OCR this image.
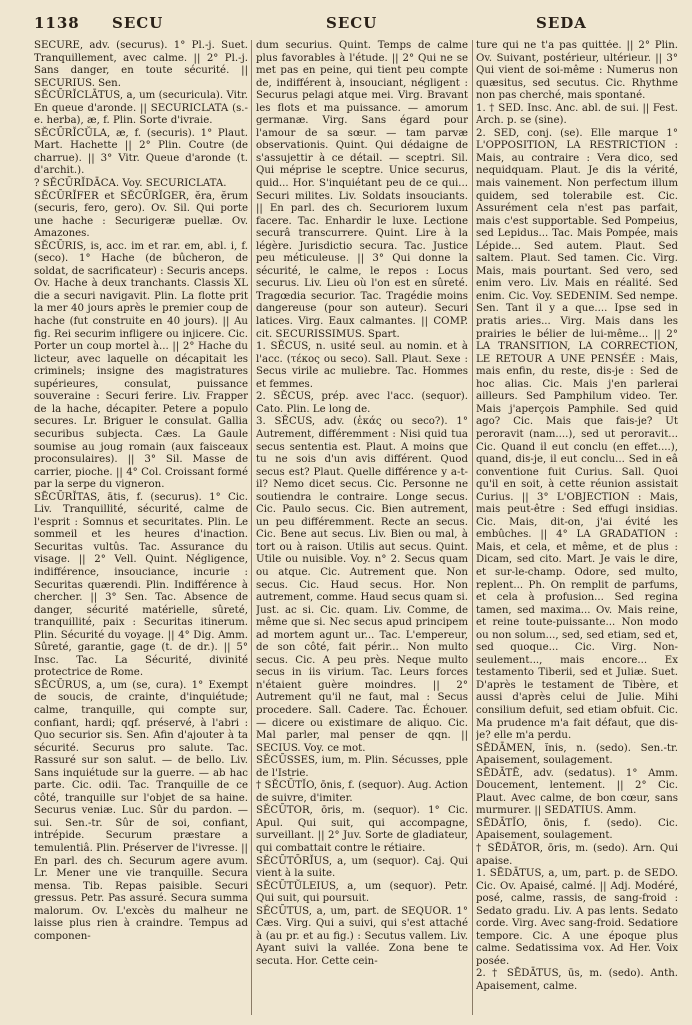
1138 SECU	SECU	SEDA

SĒCŪRĒ, adv. (securus). 1° Pl.-j. Suet. Tranquillement, avec calme. || 2° Pl.-j. Sans danger, en toute sécurité. || SECURIUS. Sen.

SĔCŪRĬCLĀTUS, a, um (securicula). Vitr. En queue d'aronde. || SECURICLATA (s.-e. herba), æ, f. Plin. Sorte d'ivraie.

SĔCŪRĬCŬLA, æ, f. (securis). 1° Plaut. Mart. Hachette || 2° Plin. Coutre (de charrue). || 3° Vitr. Queue d'aronde (t. d'archit.).

? SĔCŪRĬDĀCA. Voy. SECURICLATA.

SĔCŪRĬFER et SĔCŪRĬGER, ĕra, ĕrum (securis, fero, gero). Ov. Sil. Qui porte une hache : Securigeræ puellæ. Ov. Amazones.

SĔCŪRIS, is, acc. im et rar. em, abl. i, f. (seco). 1° Hache (de bûcheron, de soldat, de sacrificateur) : Securis anceps. Ov. Hache à deux tranchants. Classis XL die a securi navigavit. Plin. La flotte prit la mer 40 jours après le premier coup de hache (fut construite en 40 jours). || Au fig. Rei securim infligere ou injicere. Cic. Porter un coup mortel à... || 2° Hache du licteur, avec laquelle on décapitait les criminels; insigne des magistratures supérieures, consulat, puissance souveraine : Securi ferire. Liv. Frapper de la hache, décapiter. Petere a populo secures. Lr. Briguer le consulat. Gallia securibus subjecta. Cæs. La Gaule soumise au joug romain (aux faisceaux proconsulaires). || 3° Sil. Masse de carrier, pioche. || 4° Col. Croissant formé par la serpe du vigneron.

SĒCŪRĬTAS, ātis, f. (securus). 1° Cic. Liv. Tranquillité, sécurité, calme de l'esprit : Somnus et securitates. Plin. Le sommeil et les heures d'inaction. Securitas vultûs. Tac. Assurance du visage. || 2° Vell. Quint. Négligence, indifférence, insouciance, incurie : Securitas quærendi. Plin. Indifférence à chercher. || 3° Sen. Tac. Absence de danger, sécurité matérielle, sûreté, tranquillité, paix : Securitas itinerum. Plin. Sécurité du voyage. || 4° Dig. Amm. Sûreté, garantie, gage (t. de dr.). || 5° Insc. Tac. La Sécurité, divinité protectrice de Rome.

SĒCŪRUS, a, um (se, cura). 1° Exempt de soucis, de crainte, d'inquiétude; calme, tranquille, qui compte sur, confiant, hardi; qqf. préservé, à l'abri : Quo securior sis. Sen. Afin d'ajouter à ta sécurité. Securus pro salute. Tac. Rassuré sur son salut. — de bello. Liv. Sans inquiétude sur la guerre. — ab hac parte. Cic. odii. Tac. Tranquille de ce côté, tranquille sur l'objet de sa haine. Securus veniæ. Luc. Sûr du pardon. — sui. Sen.-tr. Sûr de soi, confiant, intrépide. Securum præstare a temulentiâ. Plin. Préserver de l'ivresse. || En parl. des ch. Securum agere avum. Lr. Mener une vie tranquille. Secura mensa. Tib. Repas paisible. Securi gressus. Petr. Pas assuré. Secura summa malorum. Ov. L'excès du malheur ne laisse plus rien à craindre. Tempus ad componen-

dum securius. Quint. Temps de calme plus favorables à l'étude. || 2° Qui ne se met pas en peine, qui tient peu compte de, indifférent à, insouciant, négligent : Securus pelagi atque mei. Virg. Bravant les flots et ma puissance. — amorum germanæ. Virg. Sans égard pour l'amour de sa sœur. — tam parvæ observationis. Quint. Qui dédaigne de s'assujettir à ce détail. — sceptri. Sil. Qui méprise le sceptre. Unice securus, quid... Hor. S'inquiétant peu de ce qui... Securi milites. Liv. Soldats insouciants. || En parl. des ch. Securiorem luxum facere. Tac. Enhardir le luxe. Lectione securâ transcurrere. Quint. Lire à la légère. Jurisdictio secura. Tac. Justice peu méticuleuse. || 3° Qui donne la sécurité, le calme, le repos : Locus securus. Liv. Lieu où l'on est en sûreté. Tragœdia securior. Tac. Tragédie moins dangereuse (pour son auteur). Securi latices. Virg. Eaux calmantes. || COMP. cit. SECURISSIMUS. Spart.

1. SĔCUS, n. usité seul. au nomin. et à l'acc. (τέκος ou seco). Sall. Plaut. Sexe : Secus virile ac muliebre. Tac. Hommes et femmes.

2. SĔCUS, prép. avec l'acc. (sequor). Cato. Plin. Le long de.

3. SĔCUS, adv. (ἑκάς ou seco?). 1° Autrement, différemment : Nisi quid tua secus sententia est. Plaut. A moins que tu ne sois d'un avis différent. Quod secus est? Plaut. Quelle différence y a-t-il? Nemo dicet secus. Cic. Personne ne soutiendra le contraire. Longe secus. Cic. Paulo secus. Cic. Bien autrement, un peu différemment. Recte an secus. Cic. Bene aut secus. Liv. Bien ou mal, à tort ou à raison. Utilis aut secus. Quint. Utile ou nuisible. Voy. n° 2. Secus quam ou atque. Cic. Autrement que. Non secus. Cic. Haud secus. Hor. Non autrement, comme. Haud secus quam si. Just. ac si. Cic. quam. Liv. Comme, de même que si. Nec secus apud principem ad mortem agunt ur... Tac. L'empereur, de son côté, fait périr... Non multo secus. Cic. A peu près. Neque multo secus in iis virium. Tac. Leurs forces n'étaient guère moindres. || 2° Autrement qu'il ne faut, mal : Secus procedere. Sall. Cadere. Tac. Échouer. — dicere ou existimare de aliquo. Cic. Mal parler, mal penser de qqn. || SECIUS. Voy. ce mot.

SĔCŪSSES, ium, m. Plin. Sécusses, pple de l'Istrie.

† SĔCŪTĬO, ōnis, f. (sequor). Aug. Action de suivre, d'imiter.

SĔCŪTOR, ōris, m. (sequor). 1° Cic. Apul. Qui suit, qui accompagne, surveillant. || 2° Juv. Sorte de gladiateur, qui combattait contre le rétiaire.

SĔCŪTŌRĬUS, a, um (sequor). Caj. Qui vient à la suite.

SĔCŪTŬLEIUS, a, um (sequor). Petr. Qui suit, qui poursuit.

SĔCŪTUS, a, um, part. de SEQUOR. 1° Cæs. Virg. Qui a suivi, qui s'est attaché à (au pr. et au fig.) : Secutus vallem. Liv. Ayant suivi la vallée. Zona bene te secuta. Hor. Cette cein-

ture qui ne t'a pas quittée. || 2° Plin. Ov. Suivant, postérieur, ultérieur. || 3° Qui vient de soi-même : Numerus non quæsitus, sed secutus. Cic. Rhythme non pas cherché, mais spontané.

1. † SED. Insc. Anc. abl. de sui. || Fest. Arch. p. se (sine).

2. SED, conj. (se). Elle marque 1° L'OPPOSITION, LA RESTRICTION : Mais, au contraire : Vera dico, sed nequidquam. Plaut. Je dis la vérité, mais vainement. Non perfectum illum quidem, sed tolerabile est. Cic. Assurément cela n'est pas parfait, mais c'est supportable. Sed Pompeius, sed Lepidus... Tac. Mais Pompée, mais Lépide... Sed autem. Plaut. Sed saltem. Plaut. Sed tamen. Cic. Virg. Mais, mais pourtant. Sed vero, sed enim vero. Liv. Mais en réalité. Sed enim. Cic. Voy. SEDENIM. Sed nempe. Sen. Tant il y a que.... Ipse sed in pratis aries... Virg. Mais dans les prairies le bélier de lui-même... || 2° LA TRANSITION, LA CORRECTION, LE RETOUR A UNE PENSÉE : Mais, mais enfin, du reste, dis-je : Sed de hoc alias. Cic. Mais j'en parlerai ailleurs. Sed Pamphilum video. Ter. Mais j'aperçois Pamphile. Sed quid ago? Cic. Mais que fais-je? Ut peroravit (nam....), sed ut peroravit... Cic. Quand il eut conclu (en effet....), quand, dis-je, il eut conclu... Sed in eâ conventione fuit Curius. Sall. Quoi qu'il en soit, à cette réunion assistait Curius. || 3° L'OBJECTION : Mais, mais peut-être : Sed effugi insidias. Cic. Mais, dit-on, j'ai évité les embûches. || 4° LA GRADATION : Mais, et cela, et même, et de plus : Dicam, sed cito. Mart. Je vais le dire, et sur-le-champ. Odore, sed multo, replent... Ph. On remplit de parfums, et cela à profusion... Sed regina tamen, sed maxima... Ov. Mais reine, et reine toute-puissante... Non modo ou non solum..., sed, sed etiam, sed et, sed quoque... Cic. Virg. Non-seulement..., mais encore... Ex testamento Tiberii, sed et Juliæ. Suet. D'après le testament de Tibère, et aussi d'après celui de Julie. Mihi consilium defuit, sed etiam obfuit. Cic. Ma prudence m'a fait défaut, que dis-je? elle m'a perdu.

SĒDĀMEN, ĭnis, n. (sedo). Sen.-tr. Apaisement, soulagement.

SĒDĀTĒ, adv. (sedatus). 1° Amm. Doucement, lentement. || 2° Cic. Plaut. Avec calme, de bon cœur, sans murmurer. || SEDATIUS. Amm.

SĒDĀTĬO, ōnis, f. (sedo). Cic. Apaisement, soulagement.

† SĒDĀTOR, ōris, m. (sedo). Arn. Qui apaise.

1. SĒDĀTUS, a, um, part. p. de SEDO. Cic. Ov. Apaisé, calmé. || Adj. Modéré, posé, calme, rassis, de sang-froid : Sedato gradu. Liv. A pas lents. Sedato corde. Virg. Avec sang-froid. Sedatiore tempore. Cic. A une époque plus calme. Sedatissima vox. Ad Her. Voix posée.

2. † SĒDĀTUS, ūs, m. (sedo). Anth. Apaisement, calme.
